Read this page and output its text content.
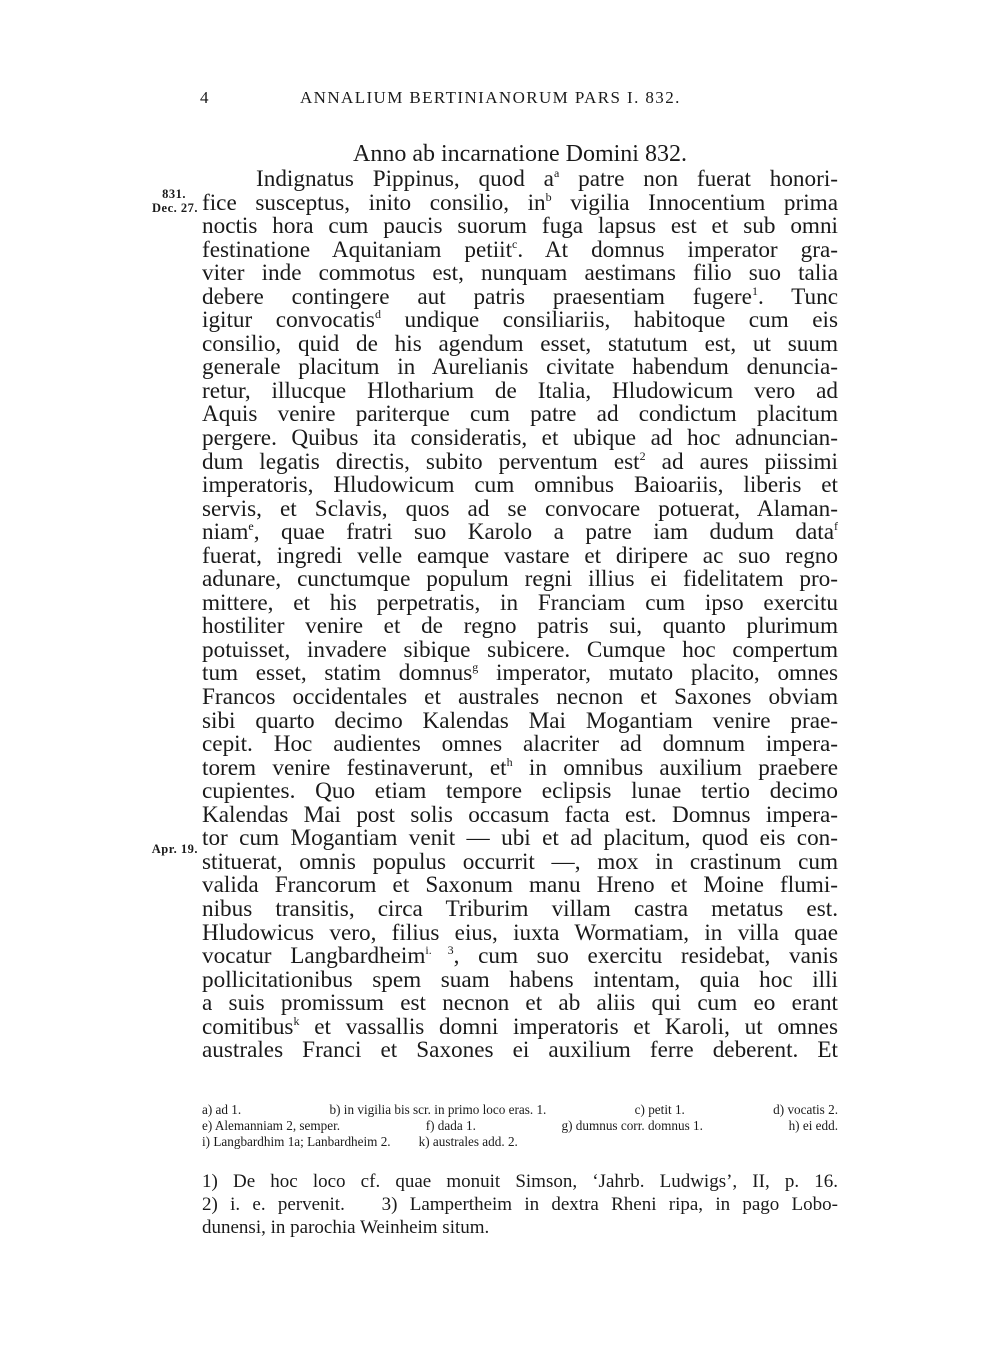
4	ANNALIUM BERTINIANORUM PARS I. 832.
Anno ab incarnatione Domini 832.
831.
Dec. 27.
Apr. 19.
Indignatus Pippinus, quod $a^a$ patre non fuerat honori-
fice susceptus, inito consilio, $in^b$ vigilia Innocentium prima
noctis hora cum paucis suorum fuga lapsus est et sub omni
festinatione Aquitaniam petiit$^c$. At domnus imperator gra-
viter inde commotus est, nunquam aestimans filio suo talia
debere contingere aut patris praesentiam fugere$^1$. Tunc
igitur convocatis$^d$ undique consiliariis, habitoque cum eis
consilio, quid de his agendum esset, statutum est, ut suum
generale placitum in Aurelianis civitate habendum denuncia-
retur, illucque Hlotharium de Italia, Hludowicum vero ad
Aquis venire pariterque cum patre ad condictum placitum
pergere. Quibus ita consideratis, et ubique ad hoc adnuncian-
dum legatis directis, subito perventum est$^2$ ad aures piissimi
imperatoris, Hludowicum cum omnibus Baioariis, liberis et
servis, et Sclavis, quos ad se convocare potuerat, Alaman-
niam$^e$, quae fratri suo Karolo a patre iam dudum data$^f$
fuerat, ingredi velle eamque vastare et diripere ac suo regno
adunare, cunctumque populum regni illius ei fidelitatem pro-
mittere, et his perpetratis, in Franciam cum ipso exercitu
hostiliter venire et de regno patris sui, quanto plurimum
potuisset, invadere sibique subicere. Cumque hoc compertum
tum esset, statim domnus$^g$ imperator, mutato placito, omnes
Francos occidentales et australes necnon et Saxones obviam
sibi quarto decimo Kalendas Mai Mogantiam venire prae-
cepit. Hoc audientes omnes alacriter ad domnum impera-
torem venire festinaverunt, $et^h$ in omnibus auxilium praebere
cupientes. Quo etiam tempore eclipsis lunae tertio decimo
Kalendas Mai post solis occasum facta est. Domnus impera-
tor cum Mogantiam venit — ubi et ad placitum, quod eis con-
stituerat, omnis populus occurrit —, mox in crastinum cum
valida Francorum et Saxonum manu Hreno et Moine flumi-
nibus transitis, circa Triburim villam castra metatus est.
Hludowicus vero, filius eius, iuxta Wormatiam, in villa quae
vocatur Langbardheim$^{i. 3}$, cum suo exercitu residebat, vanis
pollicitationibus spem suam habens intentam, quia hoc illi
a suis promissum est necnon et ab aliis qui cum eo erant
comitibus$^k$ et vassallis domni imperatoris et Karoli, ut omnes
australes Franci et Saxones ei auxilium ferre deberent. Et
a) ad 1.	b) in vigilia bis scr. in primo loco eras. 1.	c) petit 1.	d) vocatis 2.
e) Alemanniam 2, semper.	f) dada 1.	g) dumnus corr. domnus 1.	h) ei edd.
i) Langbardhim 1a; Lanbardheim 2. k) australes add. 2.
1) De hoc loco cf. quae monuit Simson, ‘Jahrb. Ludwigs’, II, p. 16.
2) i. e. pervenit.   3) Lampertheim in dextra Rheni ripa, in pago Lobo-
dunensi, in parochia Weinheim situm.
